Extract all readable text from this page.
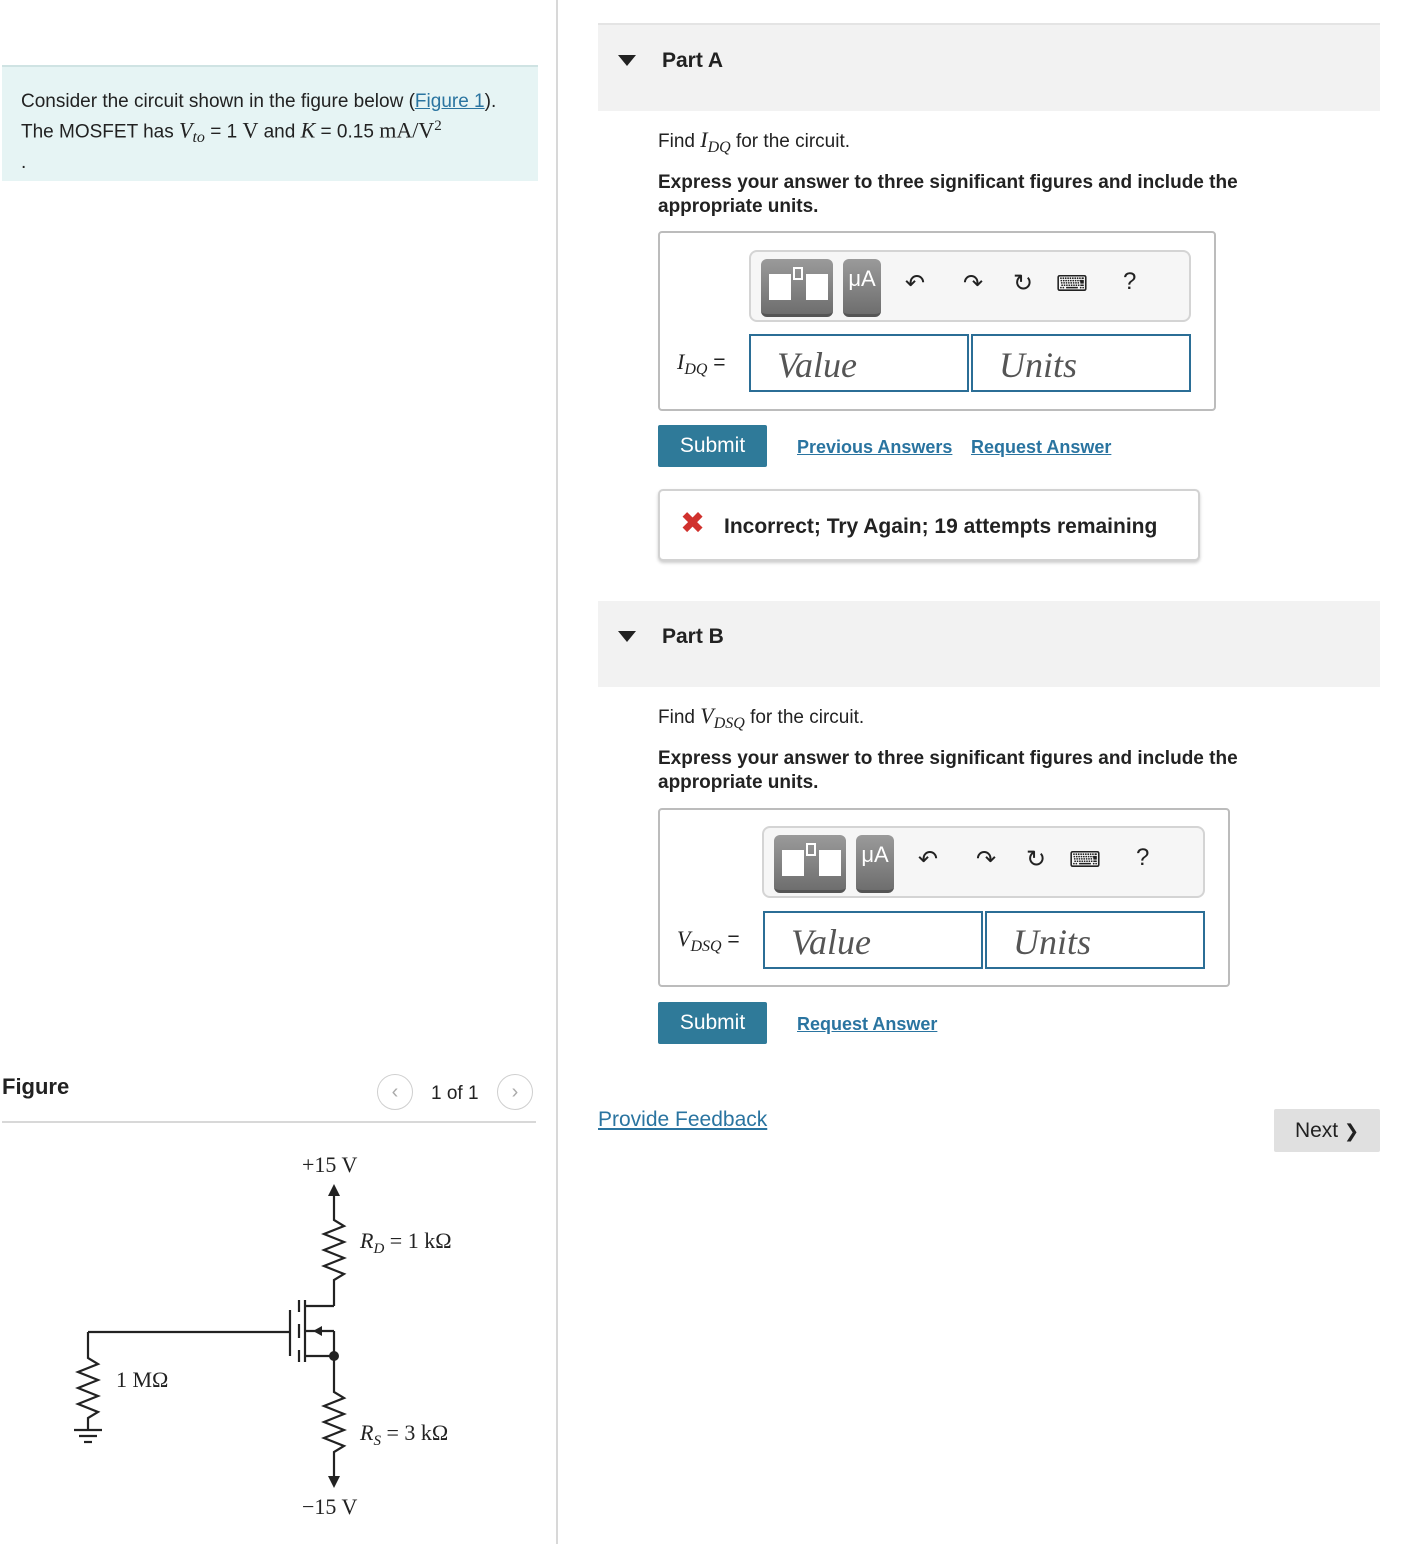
Consider the circuit shown in the figure below (Figure 1). The MOSFET has $V_{to} = 1$ V and K = 0.15 $mA/V^2$
.
Figure	‹ 1 of 1 ›
+15 V
$R_D = 1$ kΩ
1 MΩ
$R_S = 3$ kΩ
−15 V
Part A
Find $I_{DQ}$ for the circuit.
Express your answer to three significant figures and include the appropriate units.
μA ↶ ↷ ↻ ⌨ ?
$I_{DQ}$ = Value	Units
Submit	Previous Answers Request Answer
✖ Incorrect; Try Again; 19 attempts remaining
Part B
Find $V_{DSQ}$ for the circuit.
Express your answer to three significant figures and include the appropriate units.
μA ↶ ↷ ↻ ⌨ ?
$V_{DSQ}$ = Value	Units
Submit	Request Answer
Provide Feedback	Next ❯
